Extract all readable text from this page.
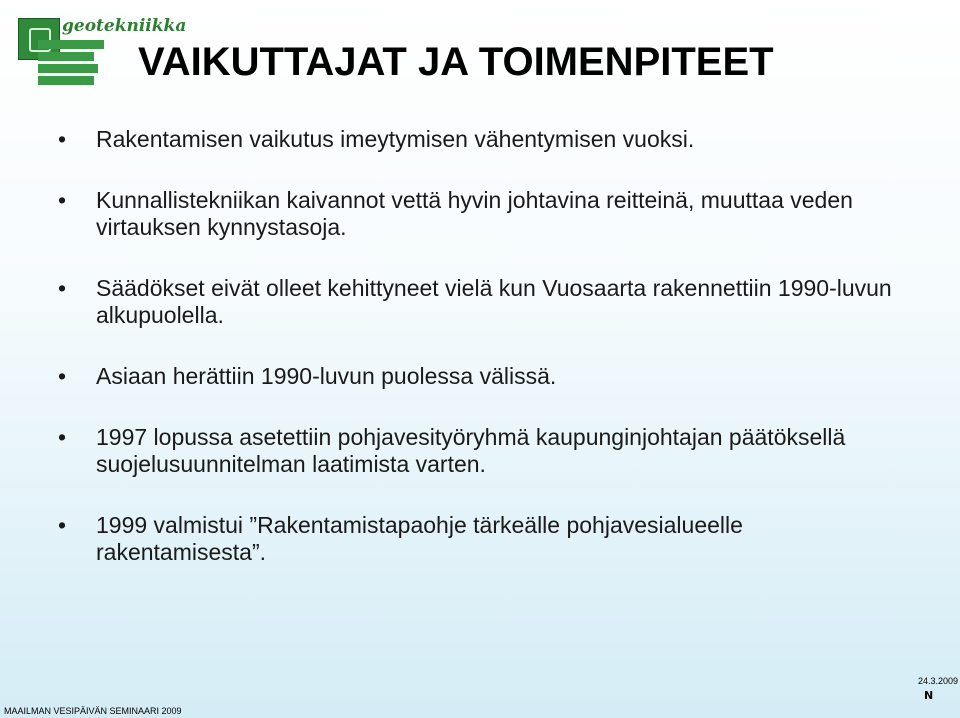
geotekniikka
VAIKUTTAJAT JA TOIMENPITEET
• Rakentamisen vaikutus imeytymisen vähentymisen vuoksi.
• Kunnallistekniikan kaivannot vettä hyvin johtavina reitteinä, muuttaa veden virtauksen kynnystasoja.
• Säädökset eivät olleet kehittyneet vielä kun Vuosaarta rakennettiin 1990-luvun alkupuolella.
• Asiaan herättiin 1990-luvun puolessa välissä.
• 1997 lopussa asetettiin pohjavesityöryhmä kaupunginjohtajan päätöksellä suojelusuunnitelman laatimista varten.
• 1999 valmistui ”Rakentamistapaohje tärkeälle pohjavesialueelle rakentamisesta”.
MAAILMAN VESIPÄIVÄN SEMINAARI 2009
24.3.2009
N
